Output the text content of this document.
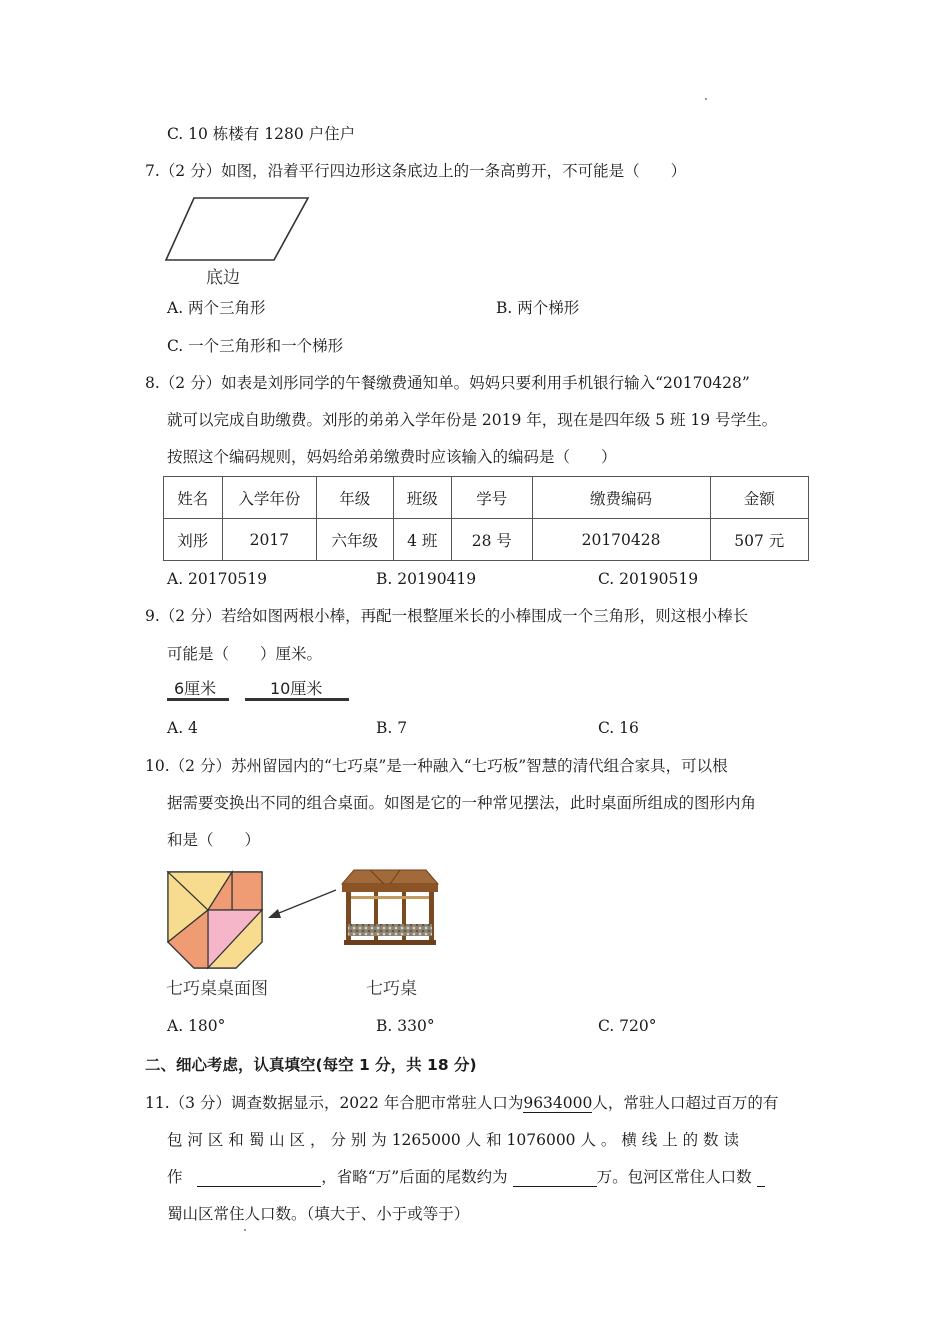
C. 10 栋楼有 1280 户住户
7.（2 分）如图，沿着平行四边形这条底边上的一条高剪开，不可能是（　　）
底边
A. 两个三角形	B. 两个梯形
C. 一个三角形和一个梯形
8.（2 分）如表是刘彤同学的午餐缴费通知单。妈妈只要利用手机银行输入“20170428”
就可以完成自助缴费。刘彤的弟弟入学年份是 2019 年，现在是四年级 5 班 19 号学生。
按照这个编码规则，妈妈给弟弟缴费时应该输入的编码是（　　）
姓名	入学年份	年级	班级	学号	缴费编码	金额
刘彤	2017	六年级	4 班	28 号	20170428	507 元
A. 20170519	B. 20190419	C. 20190519
9.（2 分）若给如图两根小棒，再配一根整厘米长的小棒围成一个三角形，则这根小棒长
可能是（　　）厘米。
6厘米	10厘米
A. 4	B. 7	C. 16
10.（2 分）苏州留园内的“七巧桌”是一种融入“七巧板”智慧的清代组合家具，可以根
据需要变换出不同的组合桌面。如图是它的一种常见摆法，此时桌面所组成的图形内角
和是（　　）
七巧桌桌面图	七巧桌
A. 180°	B. 330°	C. 720°
二、细心考虑，认真填空(每空 1 分，共 18 分)
11.（3 分）调查数据显示，2022 年合肥市常驻人口为9634000人，常驻人口超过百万的有
包 河 区 和 蜀 山 区 ， 分 别 为 1265000 人 和 1076000 人 。 横 线 上 的 数 读
作	，省略“万”后面的尾数约为	万。包河区常住人口数
蜀山区常住人口数。（填大于、小于或等于）
